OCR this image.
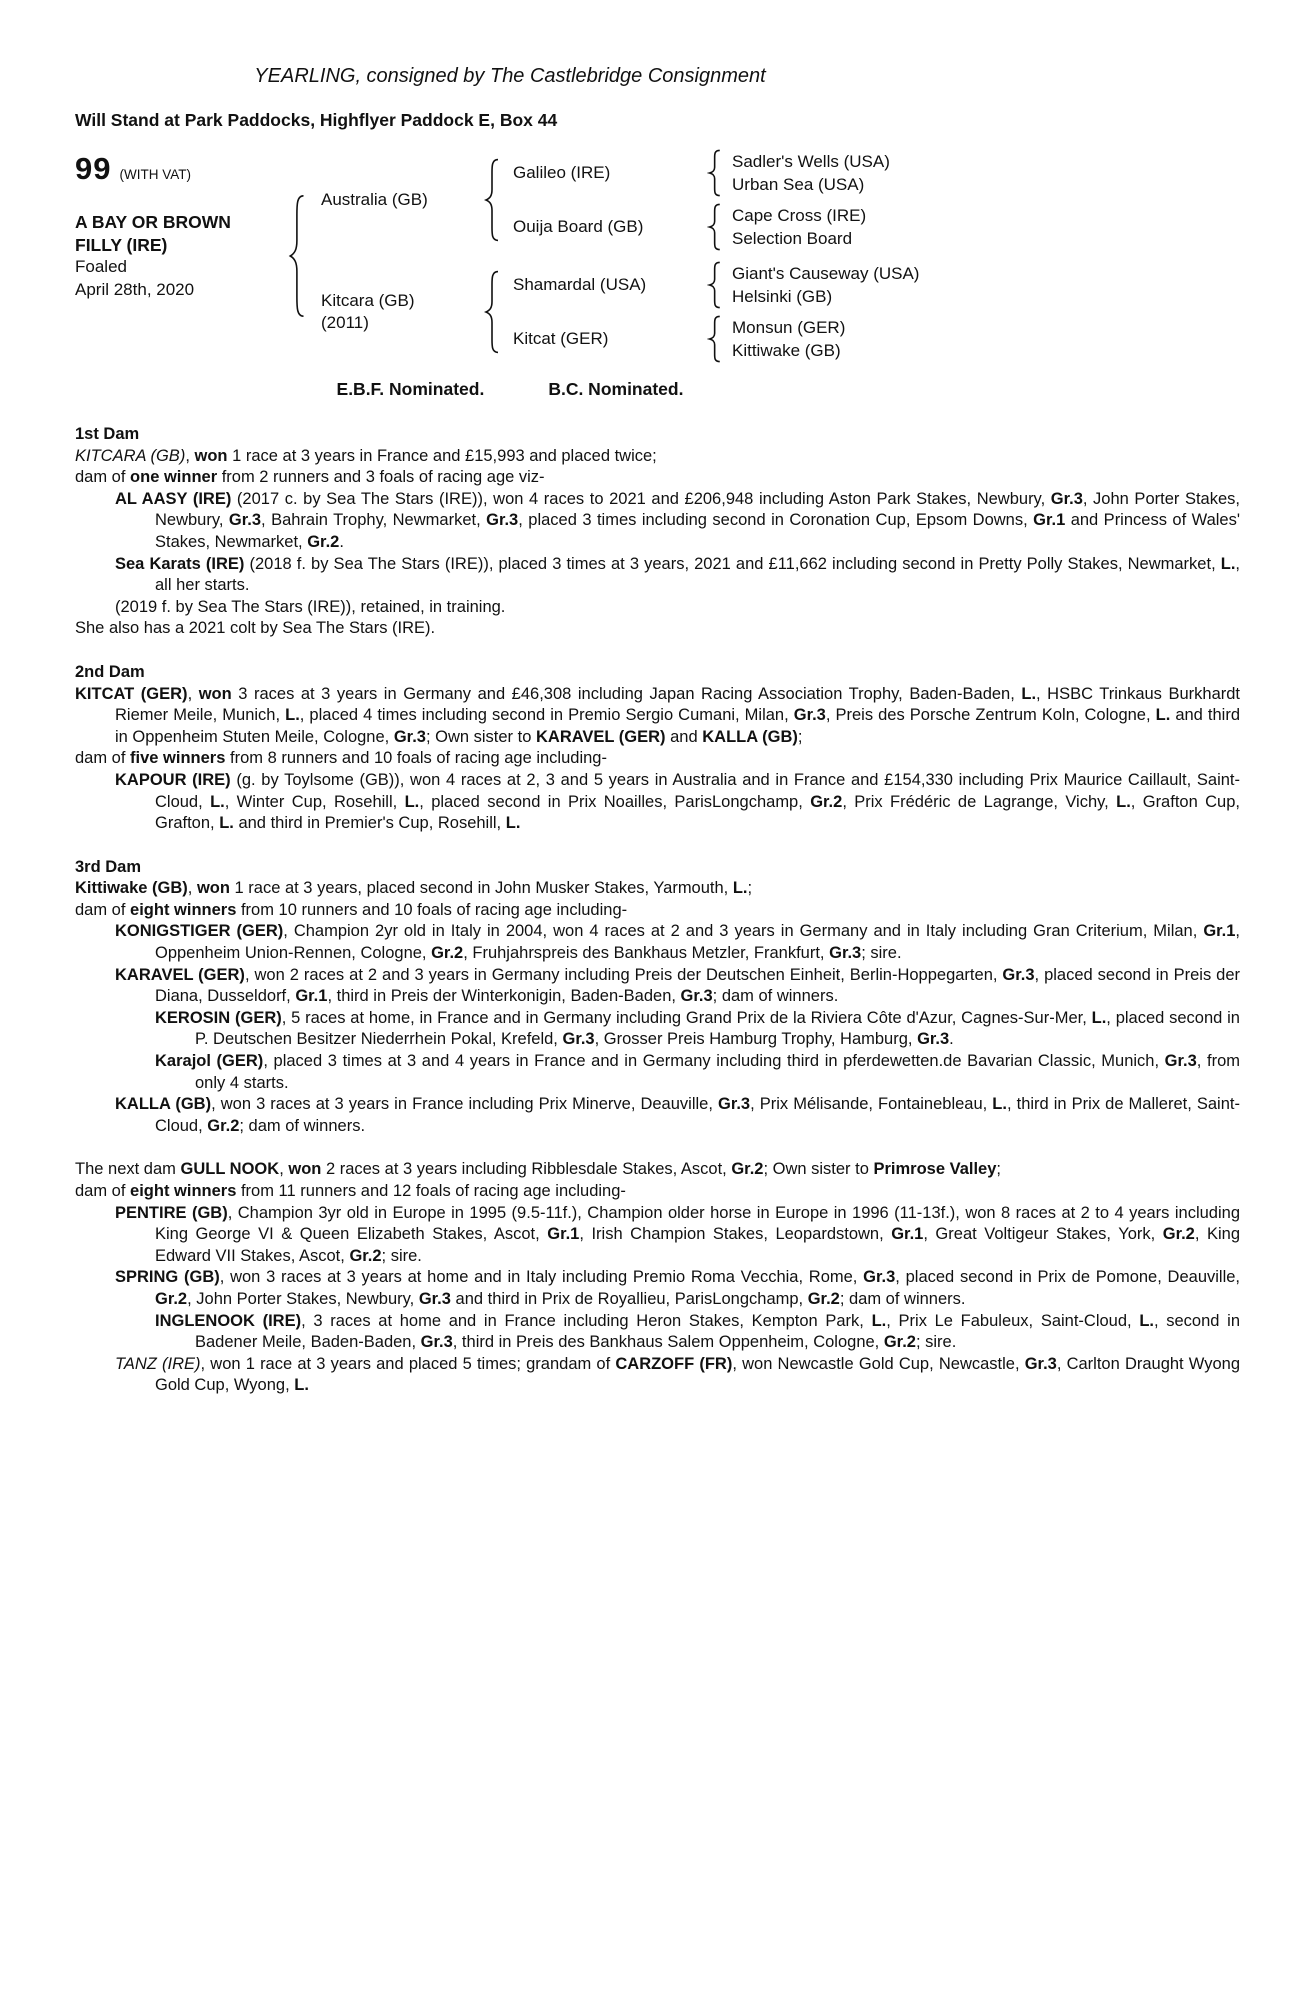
YEARLING, consigned by The Castlebridge Consignment
Will Stand at Park Paddocks, Highflyer Paddock E, Box 44
99 (WITH VAT)
A BAY OR BROWN
FILLY (IRE)
Foaled
April 28th, 2020
Australia (GB)
Galileo (IRE)
Sadler's Wells (USA)
Urban Sea (USA)
Ouija Board (GB)
Cape Cross (IRE)
Selection Board
Kitcara (GB)
(2011)
Shamardal (USA)
Giant's Causeway (USA)
Helsinki (GB)
Kitcat (GER)
Monsun (GER)
Kittiwake (GB)
E.B.F. Nominated.	B.C. Nominated.
1st Dam

KITCARA (GB), won 1 race at 3 years in France and £15,993 and placed twice;

dam of one winner from 2 runners and 3 foals of racing age viz-

AL AASY (IRE) (2017 c. by Sea The Stars (IRE)), won 4 races to 2021 and £206,948 including Aston Park Stakes, Newbury, Gr.3, John Porter Stakes, Newbury, Gr.3, Bahrain Trophy, Newmarket, Gr.3, placed 3 times including second in Coronation Cup, Epsom Downs, Gr.1 and Princess of Wales' Stakes, Newmarket, Gr.2.

Sea Karats (IRE) (2018 f. by Sea The Stars (IRE)), placed 3 times at 3 years, 2021 and £11,662 including second in Pretty Polly Stakes, Newmarket, L., all her starts.

(2019 f. by Sea The Stars (IRE)), retained, in training.

She also has a 2021 colt by Sea The Stars (IRE).

2nd Dam

KITCAT (GER), won 3 races at 3 years in Germany and £46,308 including Japan Racing Association Trophy, Baden-Baden, L., HSBC Trinkaus Burkhardt Riemer Meile, Munich, L., placed 4 times including second in Premio Sergio Cumani, Milan, Gr.3, Preis des Porsche Zentrum Koln, Cologne, L. and third in Oppenheim Stuten Meile, Cologne, Gr.3; Own sister to KARAVEL (GER) and KALLA (GB);

dam of five winners from 8 runners and 10 foals of racing age including-

KAPOUR (IRE) (g. by Toylsome (GB)), won 4 races at 2, 3 and 5 years in Australia and in France and £154,330 including Prix Maurice Caillault, Saint-Cloud, L., Winter Cup, Rosehill, L., placed second in Prix Noailles, ParisLongchamp, Gr.2, Prix Frédéric de Lagrange, Vichy, L., Grafton Cup, Grafton, L. and third in Premier's Cup, Rosehill, L.

3rd Dam

Kittiwake (GB), won 1 race at 3 years, placed second in John Musker Stakes, Yarmouth, L.;

dam of eight winners from 10 runners and 10 foals of racing age including-

KONIGSTIGER (GER), Champion 2yr old in Italy in 2004, won 4 races at 2 and 3 years in Germany and in Italy including Gran Criterium, Milan, Gr.1, Oppenheim Union-Rennen, Cologne, Gr.2, Fruhjahrspreis des Bankhaus Metzler, Frankfurt, Gr.3; sire.

KARAVEL (GER), won 2 races at 2 and 3 years in Germany including Preis der Deutschen Einheit, Berlin-Hoppegarten, Gr.3, placed second in Preis der Diana, Dusseldorf, Gr.1, third in Preis der Winterkonigin, Baden-Baden, Gr.3; dam of winners.

KEROSIN (GER), 5 races at home, in France and in Germany including Grand Prix de la Riviera Côte d'Azur, Cagnes-Sur-Mer, L., placed second in P. Deutschen Besitzer Niederrhein Pokal, Krefeld, Gr.3, Grosser Preis Hamburg Trophy, Hamburg, Gr.3.

Karajol (GER), placed 3 times at 3 and 4 years in France and in Germany including third in pferdewetten.de Bavarian Classic, Munich, Gr.3, from only 4 starts.

KALLA (GB), won 3 races at 3 years in France including Prix Minerve, Deauville, Gr.3, Prix Mélisande, Fontainebleau, L., third in Prix de Malleret, Saint-Cloud, Gr.2; dam of winners.

The next dam GULL NOOK, won 2 races at 3 years including Ribblesdale Stakes, Ascot, Gr.2; Own sister to Primrose Valley;

dam of eight winners from 11 runners and 12 foals of racing age including-

PENTIRE (GB), Champion 3yr old in Europe in 1995 (9.5-11f.), Champion older horse in Europe in 1996 (11-13f.), won 8 races at 2 to 4 years including King George VI & Queen Elizabeth Stakes, Ascot, Gr.1, Irish Champion Stakes, Leopardstown, Gr.1, Great Voltigeur Stakes, York, Gr.2, King Edward VII Stakes, Ascot, Gr.2; sire.

SPRING (GB), won 3 races at 3 years at home and in Italy including Premio Roma Vecchia, Rome, Gr.3, placed second in Prix de Pomone, Deauville, Gr.2, John Porter Stakes, Newbury, Gr.3 and third in Prix de Royallieu, ParisLongchamp, Gr.2; dam of winners.

INGLENOOK (IRE), 3 races at home and in France including Heron Stakes, Kempton Park, L., Prix Le Fabuleux, Saint-Cloud, L., second in Badener Meile, Baden-Baden, Gr.3, third in Preis des Bankhaus Salem Oppenheim, Cologne, Gr.2; sire.

TANZ (IRE), won 1 race at 3 years and placed 5 times; grandam of CARZOFF (FR), won Newcastle Gold Cup, Newcastle, Gr.3, Carlton Draught Wyong Gold Cup, Wyong, L.
